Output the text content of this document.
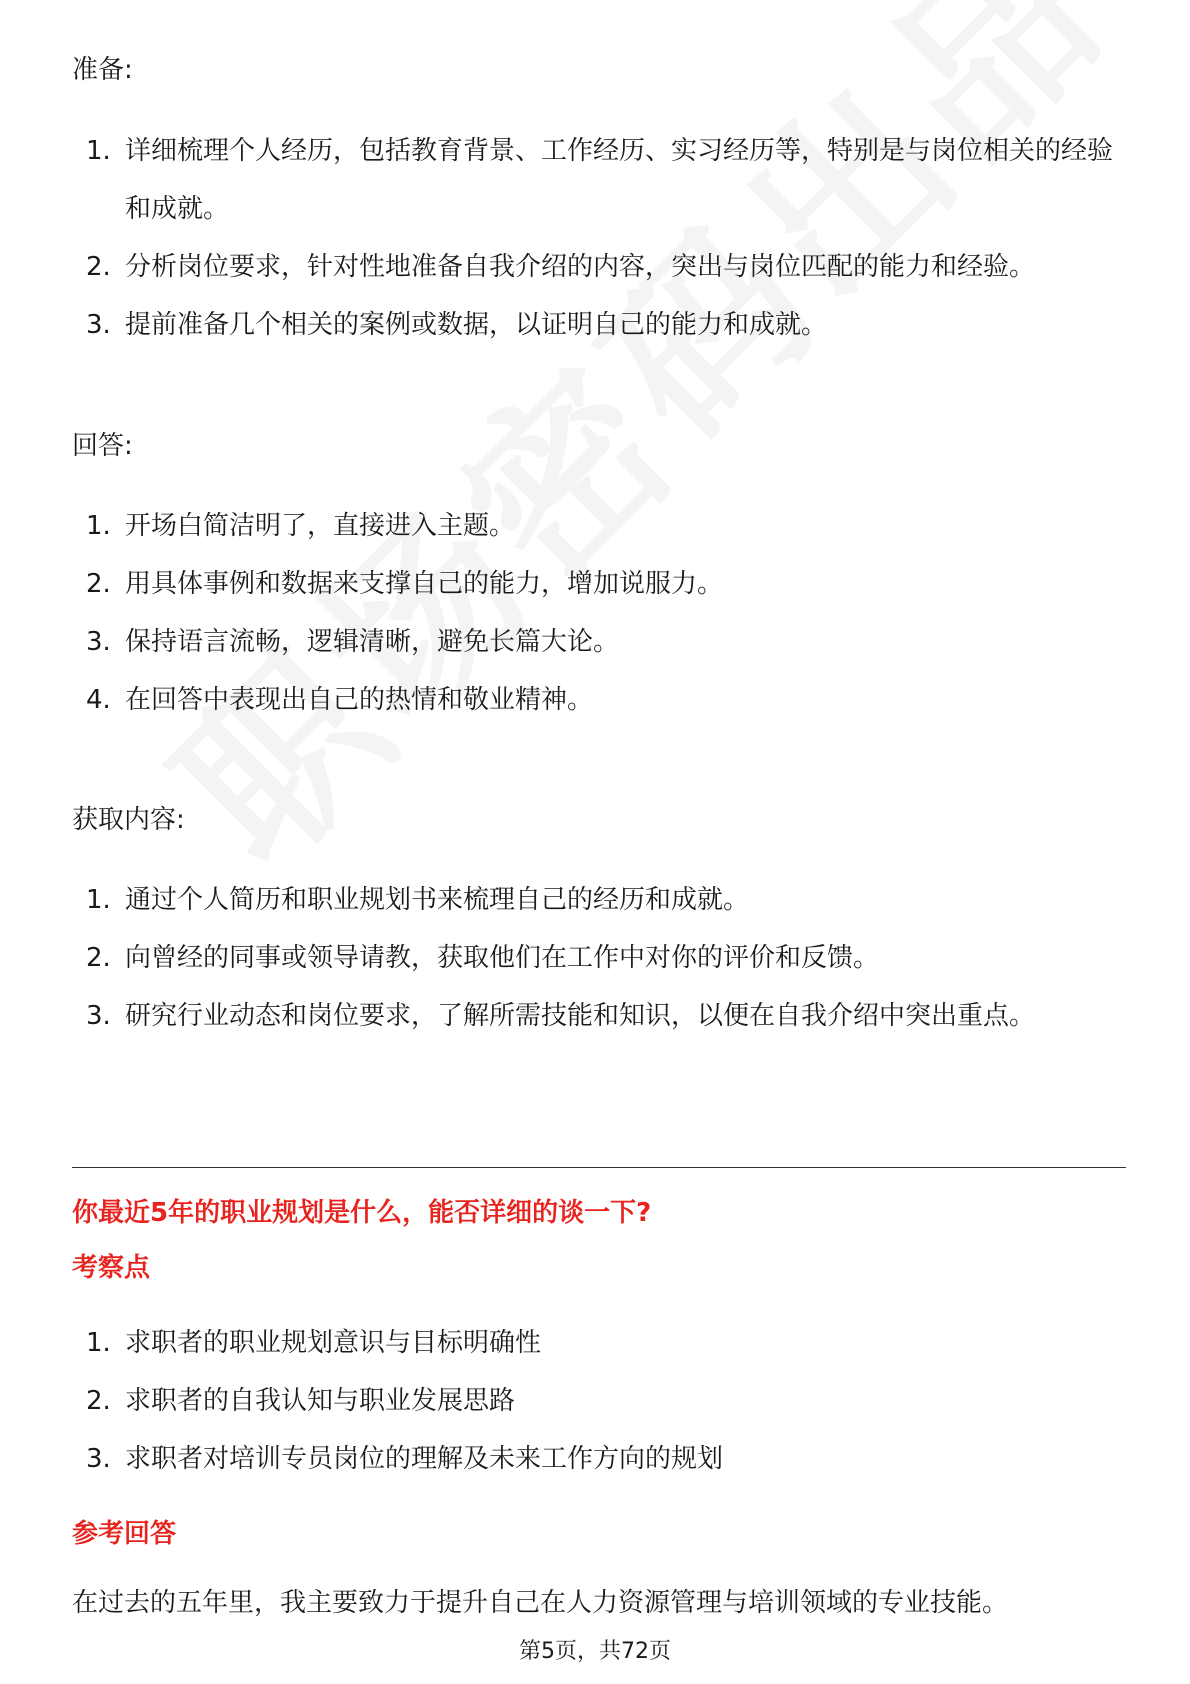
准备:

1. 详细梳理个人经历，包括教育背景、工作经历、实习经历等，特别是与岗位相关的经验和成就。
2. 分析岗位要求，针对性地准备自我介绍的内容，突出与岗位匹配的能力和经验。
3. 提前准备几个相关的案例或数据，以证明自己的能力和成就。

回答:

1. 开场白简洁明了，直接进入主题。
2. 用具体事例和数据来支撑自己的能力，增加说服力。
3. 保持语言流畅，逻辑清晰，避免长篇大论。
4. 在回答中表现出自己的热情和敬业精神。

获取内容:

1. 通过个人简历和职业规划书来梳理自己的经历和成就。
2. 向曾经的同事或领导请教，获取他们在工作中对你的评价和反馈。
3. 研究行业动态和岗位要求，了解所需技能和知识，以便在自我介绍中突出重点。

你最近5年的职业规划是什么，能否详细的谈一下?

考察点

1. 求职者的职业规划意识与目标明确性
2. 求职者的自我认知与职业发展思路
3. 求职者对培训专员岗位的理解及未来工作方向的规划

参考回答

在过去的五年里，我主要致力于提升自己在人力资源管理与培训领域的专业技能。

第5页，共72页
